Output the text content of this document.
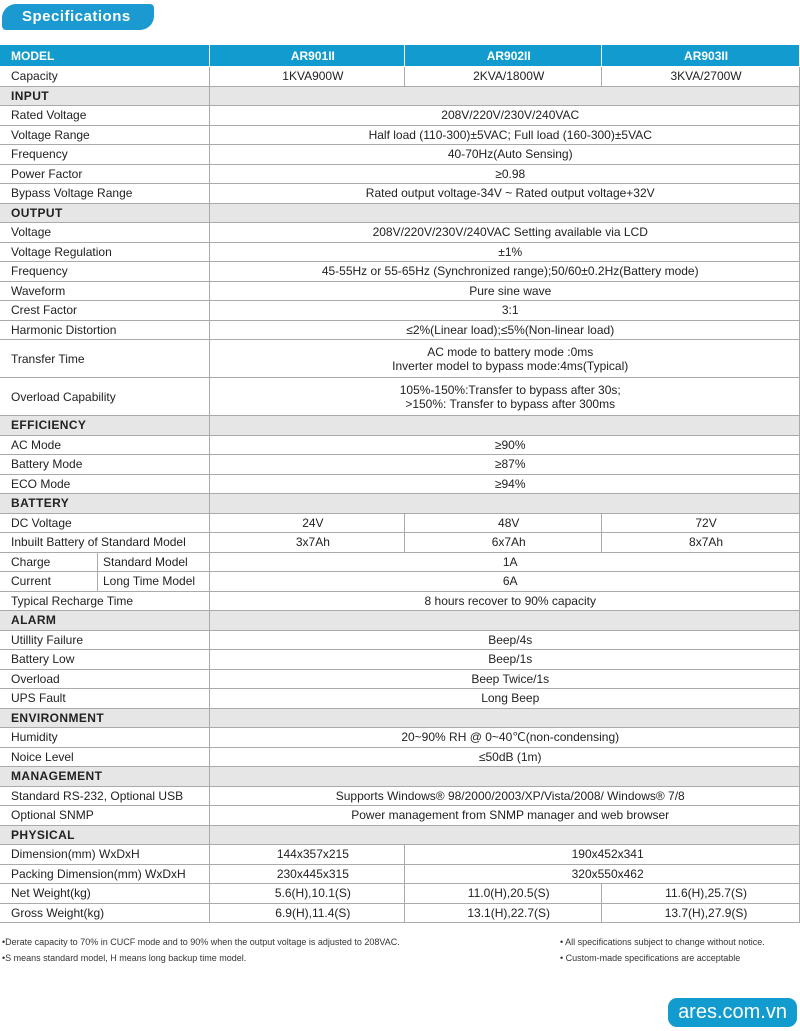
Specifications
MODEL	AR901II	AR902II	AR903II
Capacity	1KVA900W	2KVA/1800W	3KVA/2700W
INPUT			
Rated Voltage	208V/220V/230V/240VAC		
Voltage Range	Half load (110-300)±5VAC; Full load (160-300)±5VAC		
Frequency	40-70Hz(Auto Sensing)		
Power Factor	≥0.98		
Bypass Voltage Range	Rated output voltage-34V ~ Rated output voltage+32V		
OUTPUT			
Voltage	208V/220V/230V/240VAC Setting available via LCD		
Voltage Regulation	±1%		
Frequency	45-55Hz or 55-65Hz (Synchronized range);50/60±0.2Hz(Battery mode)		
Waveform	Pure sine wave		
Crest Factor	3:1		
Harmonic Distortion	≤2%(Linear load);≤5%(Non-linear load)		
Transfer Time	AC mode to battery mode :0ms
Inverter model to bypass mode:4ms(Typical)		

Overload Capability	105%-150%:Transfer to bypass after 30s;
>150%: Transfer to bypass after 300ms		

EFFICIENCY			
AC Mode	≥90%		
Battery Mode	≥87%		
ECO Mode	≥94%		
BATTERY			
DC Voltage	24V	48V	72V
Inbuilt Battery of Standard Model	3x7Ah	6x7Ah	8x7Ah

Charge Standard Model	1A		

Current Long Time Model	6A		
Typical Recharge Time	8 hours recover to 90% capacity		
ALARM			
Utillity Failure	Beep/4s		
Battery Low	Beep/1s		
Overload	Beep Twice/1s		
UPS Fault	Long Beep		
ENVIRONMENT			
Humidity	20~90% RH @ 0~40℃(non-condensing)		
Noice Level	≤50dB (1m)		
MANAGEMENT			
Standard RS-232, Optional USB	Supports Windows® 98/2000/2003/XP/Vista/2008/ Windows® 7/8		
Optional SNMP	Power management from SNMP manager and web browser		
PHYSICAL			
Dimension(mm) WxDxH	144x357x215	190x452x341	
Packing Dimension(mm) WxDxH	230x445x315	320x550x462	
Net Weight(kg)	5.6(H),10.1(S)	11.0(H),20.5(S)	11.6(H),25.7(S)
Gross Weight(kg)	6.9(H),11.4(S)	13.1(H),22.7(S)	13.7(H),27.9(S)
•Derate capacity to 70% in CUCF mode and to 90% when the output voltage is adjusted to 208VAC.
•S means standard model, H means long backup time model.
• All specifications subject to change without notice.
• Custom-made specifications are acceptable
ares.com.vn
